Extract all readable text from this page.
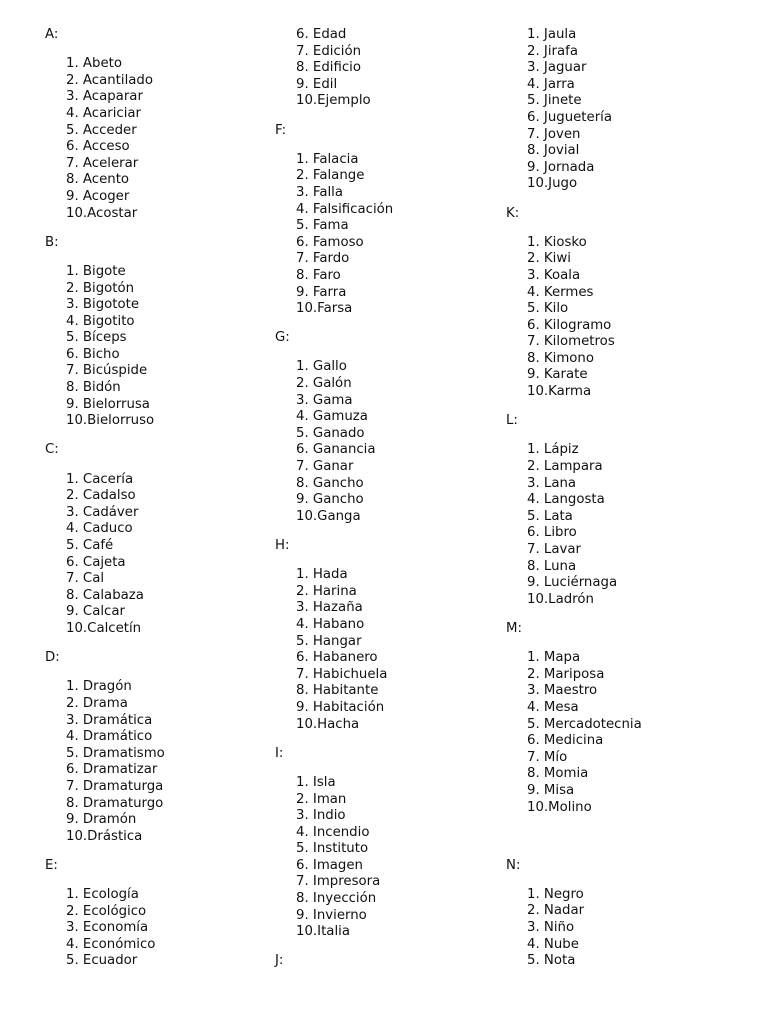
A:
1. Abeto
2. Acantilado
3. Acaparar
4. Acariciar
5. Acceder
6. Acceso
7. Acelerar
8. Acento
9. Acoger
10.Acostar
B:
1. Bigote
2. Bigotón
3. Bigotote
4. Bigotito
5. Bíceps
6. Bicho
7. Bicúspide
8. Bidón
9. Bielorrusa
10.Bielorruso
C:
1. Cacería
2. Cadalso
3. Cadáver
4. Caduco
5. Café
6. Cajeta
7. Cal
8. Calabaza
9. Calcar
10.Calcetín
D:
1. Dragón
2. Drama
3. Dramática
4. Dramático
5. Dramatismo
6. Dramatizar
7. Dramaturga
8. Dramaturgo
9. Dramón
10.Drástica
E:
1. Ecología
2. Ecológico
3. Economía
4. Económico
5. Ecuador
6. Edad
7. Edición
8. Edificio
9. Edil
10.Ejemplo
F:
1. Falacia
2. Falange
3. Falla
4. Falsificación
5. Fama
6. Famoso
7. Fardo
8. Faro
9. Farra
10.Farsa
G:
1. Gallo
2. Galón
3. Gama
4. Gamuza
5. Ganado
6. Ganancia
7. Ganar
8. Gancho
9. Gancho
10.Ganga
H:
1. Hada
2. Harina
3. Hazaña
4. Habano
5. Hangar
6. Habanero
7. Habichuela
8. Habitante
9. Habitación
10.Hacha
I:
1. Isla
2. Iman
3. Indio
4. Incendio
5. Instituto
6. Imagen
7. Impresora
8. Inyección
9. Invierno
10.Italia
J:
1. Jaula
2. Jirafa
3. Jaguar
4. Jarra
5. Jinete
6. Juguetería
7. Joven
8. Jovial
9. Jornada
10.Jugo
K:
1. Kiosko
2. Kiwi
3. Koala
4. Kermes
5. Kilo
6. Kilogramo
7. Kilometros
8. Kimono
9. Karate
10.Karma
L:
1. Lápiz
2. Lampara
3. Lana
4. Langosta
5. Lata
6. Libro
7. Lavar
8. Luna
9. Luciérnaga
10.Ladrón
M:
1. Mapa
2. Mariposa
3. Maestro
4. Mesa
5. Mercadotecnia
6. Medicina
7. Mío
8. Momia
9. Misa
10.Molino
N:
1. Negro
2. Nadar
3. Niño
4. Nube
5. Nota
